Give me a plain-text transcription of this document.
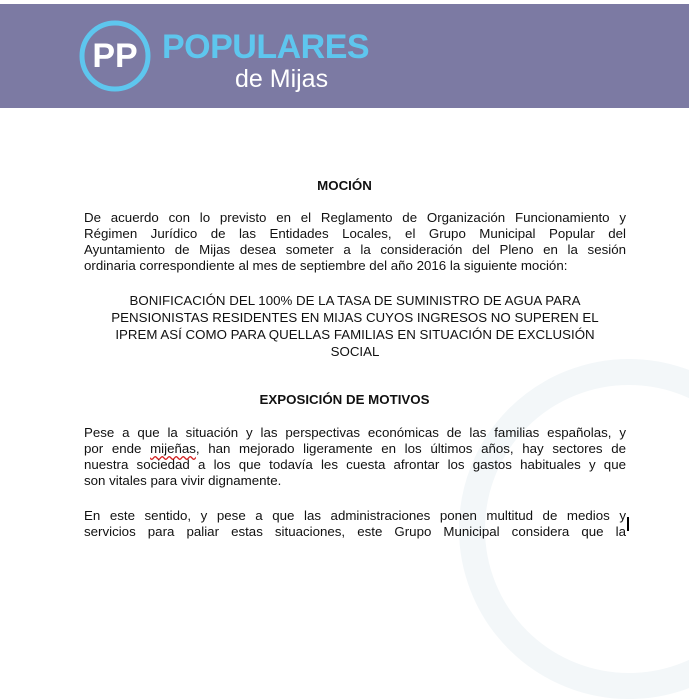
PP POPULARES
de Mijas
MOCIÓN
De acuerdo con lo previsto en el Reglamento de Organización Funcionamiento y
Régimen Jurídico de las Entidades Locales, el Grupo Municipal Popular del
Ayuntamiento de Mijas desea someter a la consideración del Pleno en la sesión
ordinaria correspondiente al mes de septiembre del año 2016 la siguiente moción:
BONIFICACIÓN DEL 100% DE LA TASA DE SUMINISTRO DE AGUA PARA
PENSIONISTAS RESIDENTES EN MIJAS CUYOS INGRESOS NO SUPEREN EL
IPREM ASÍ COMO PARA QUELLAS FAMILIAS EN SITUACIÓN DE EXCLUSIÓN
SOCIAL
EXPOSICIÓN DE MOTIVOS
Pese a que la situación y las perspectivas económicas de las familias españolas, y
por ende mijeñas, han mejorado ligeramente en los últimos años, hay sectores de
nuestra sociedad a los que todavía les cuesta afrontar los gastos habituales y que
son vitales para vivir dignamente.
En este sentido, y pese a que las administraciones ponen multitud de medios y
servicios para paliar estas situaciones, este Grupo Municipal considera que la
